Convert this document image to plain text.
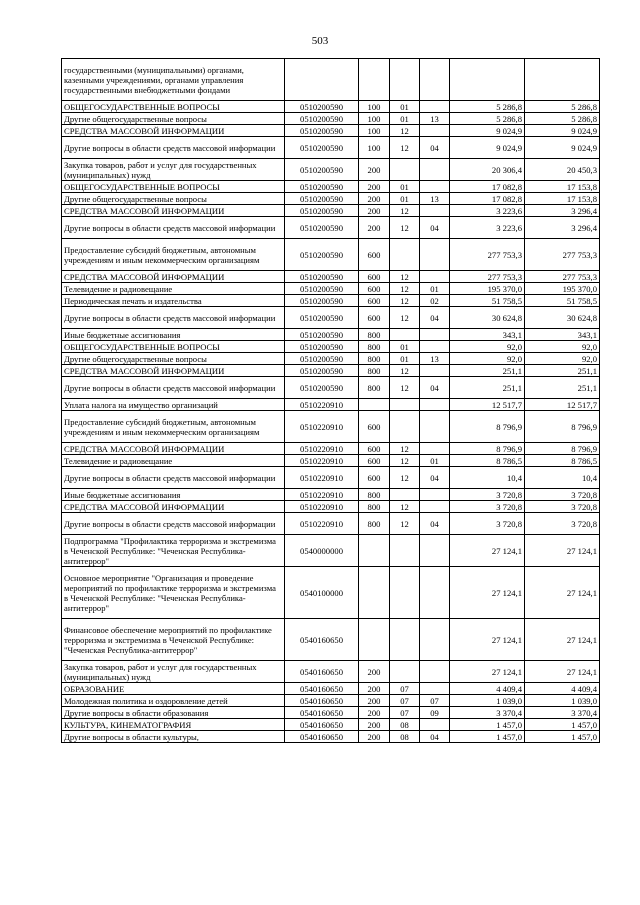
503
государственными (муниципальными) органами, казенными учреждениями, органами управления государственными внебюджетными фондами						
ОБЩЕГОСУДАРСТВЕННЫЕ ВОПРОСЫ	0510200590	100	01		5 286,8	5 286,8
Другие общегосударственные вопросы	0510200590	100	01	13	5 286,8	5 286,8
СРЕДСТВА МАССОВОЙ ИНФОРМАЦИИ	0510200590	100	12		9 024,9	9 024,9
Другие вопросы в области средств массовой информации	0510200590	100	12	04	9 024,9	9 024,9
Закупка товаров, работ и услуг для государственных (муниципальных) нужд	0510200590	200			20 306,4	20 450,3
ОБЩЕГОСУДАРСТВЕННЫЕ ВОПРОСЫ	0510200590	200	01		17 082,8	17 153,8
Другие общегосударственные вопросы	0510200590	200	01	13	17 082,8	17 153,8
СРЕДСТВА МАССОВОЙ ИНФОРМАЦИИ	0510200590	200	12		3 223,6	3 296,4
Другие вопросы в области средств массовой информации	0510200590	200	12	04	3 223,6	3 296,4
Предоставление субсидий бюджетным, автономным учреждениям и иным некоммерческим организациям	0510200590	600			277 753,3	277 753,3
СРЕДСТВА МАССОВОЙ ИНФОРМАЦИИ	0510200590	600	12		277 753,3	277 753,3
Телевидение и радиовещание	0510200590	600	12	01	195 370,0	195 370,0
Периодическая печать и издательства	0510200590	600	12	02	51 758,5	51 758,5
Другие вопросы в области средств массовой информации	0510200590	600	12	04	30 624,8	30 624,8
Иные бюджетные ассигнования	0510200590	800			343,1	343,1
ОБЩЕГОСУДАРСТВЕННЫЕ ВОПРОСЫ	0510200590	800	01		92,0	92,0
Другие общегосударственные вопросы	0510200590	800	01	13	92,0	92,0
СРЕДСТВА МАССОВОЙ ИНФОРМАЦИИ	0510200590	800	12		251,1	251,1
Другие вопросы в области средств массовой информации	0510200590	800	12	04	251,1	251,1
Уплата налога на имущество организаций	0510220910				12 517,7	12 517,7
Предоставление субсидий бюджетным, автономным учреждениям и иным некоммерческим организациям	0510220910	600			8 796,9	8 796,9
СРЕДСТВА МАССОВОЙ ИНФОРМАЦИИ	0510220910	600	12		8 796,9	8 796,9
Телевидение и радиовещание	0510220910	600	12	01	8 786,5	8 786,5
Другие вопросы в области средств массовой информации	0510220910	600	12	04	10,4	10,4
Иные бюджетные ассигнования	0510220910	800			3 720,8	3 720,8
СРЕДСТВА МАССОВОЙ ИНФОРМАЦИИ	0510220910	800	12		3 720,8	3 720,8
Другие вопросы в области средств массовой информации	0510220910	800	12	04	3 720,8	3 720,8
Подпрограмма "Профилактика терроризма и экстремизма в Чеченской Республике: "Чеченская Республика-антитеррор"	0540000000				27 124,1	27 124,1
Основное мероприятие "Организация и проведение мероприятий по профилактике терроризма и экстремизма в Чеченской Республике: "Чеченская Республика-антитеррор"	0540100000				27 124,1	27 124,1
Финансовое обеспечение мероприятий по профилактике терроризма и экстремизма в Чеченской Республике: "Чеченская Республика-антитеррор"	0540160650				27 124,1	27 124,1
Закупка товаров, работ и услуг для государственных (муниципальных) нужд	0540160650	200			27 124,1	27 124,1
ОБРАЗОВАНИЕ	0540160650	200	07		4 409,4	4 409,4
Молодежная политика и оздоровление детей	0540160650	200	07	07	1 039,0	1 039,0
Другие вопросы в области образования	0540160650	200	07	09	3 370,4	3 370,4
КУЛЬТУРА, КИНЕМАТОГРАФИЯ	0540160650	200	08		1 457,0	1 457,0
Другие вопросы в области культуры,	0540160650	200	08	04	1 457,0	1 457,0
